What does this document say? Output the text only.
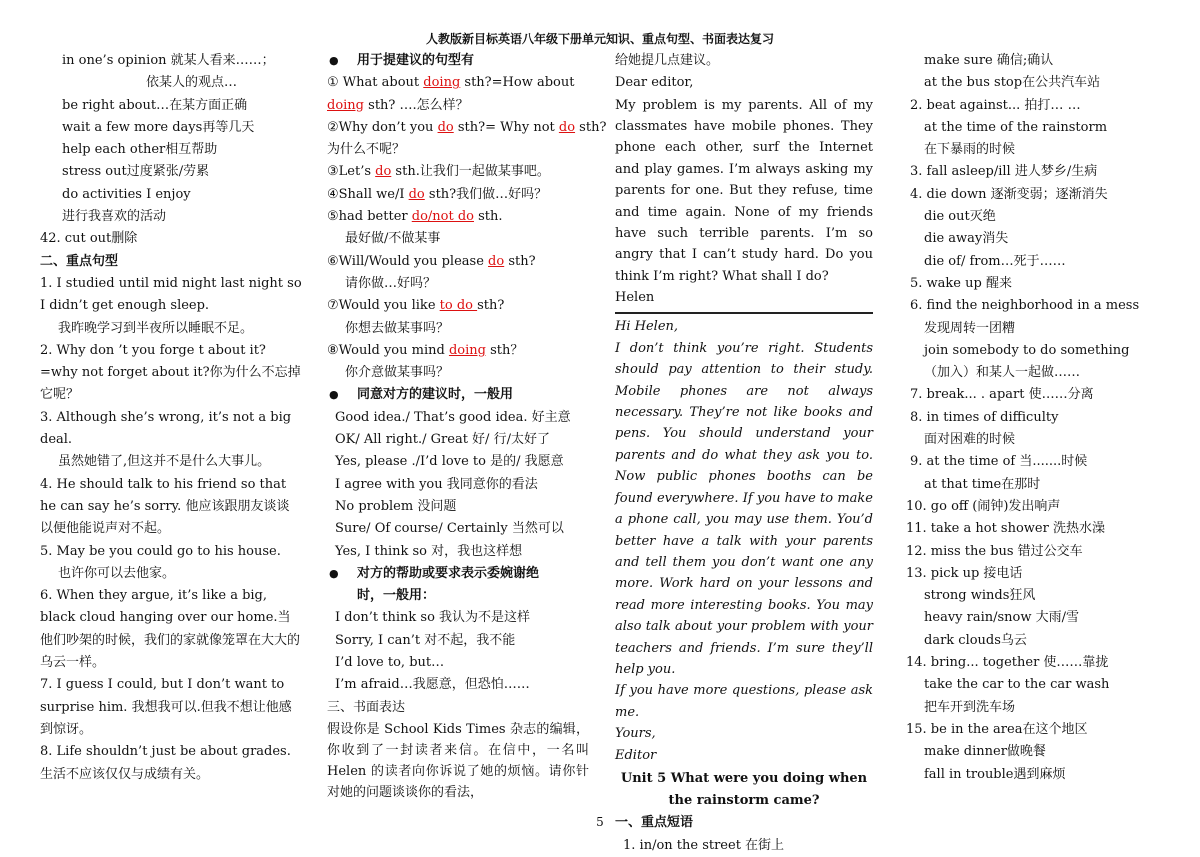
人教版新目标英语八年级下册单元知识、重点句型、书面表达复习
in one’s opinion 就某人看来……；
依某人的观点…
be right about…在某方面正确
wait a few more days再等几天
help each other相互帮助
stress out过度紧张/劳累
do activities I enjoy
进行我喜欢的活动
42. cut out删除
二、重点句型
1. I studied until mid night last night so I didn’t get enough sleep.
我昨晚学习到半夜所以睡眠不足。
2. Why don ’t you forge t about it?=why not forget about it?你为什么不忘掉它呢？
3. Although she’s wrong, it’s not a big deal.
虽然她错了,但这并不是什么大事儿。
4. He should talk to his friend so that he can say he’s sorry. 他应该跟朋友谈谈以便他能说声对不起。
5. May be you could go to his house.
也许你可以去他家。
6. When they argue, it’s like a big, black cloud hanging over our home.当他们吵架的时候，我们的家就像笼罩在大大的乌云一样。
7. I guess I could, but I don’t want to surprise him. 我想我可以.但我不想让他感到惊讶。
8. Life shouldn’t just be about grades.生活不应该仅仅与成绩有关。
● 用于提建议的句型有
① What about doing sth?=How about
doing sth? ….怎么样？
②Why don’t you do sth?= Why not do sth?
为什么不呢？
③Let’s do sth.让我们一起做某事吧。
④Shall we/I do sth?我们做…好吗？
⑤had better do/not do sth.
最好做/不做某事
⑥Will/Would you please do sth?
请你做…好吗？
⑦Would you like to do sth?
你想去做某事吗？
⑧Would you mind doing sth？
你介意做某事吗？
● 同意对方的建议时，一般用
Good idea./ That’s good idea. 好主意
OK/ All right./ Great 好/ 行/太好了
Yes, please ./I’d love to 是的/ 我愿意
I agree with you 我同意你的看法
No problem 没问题
Sure/ Of course/ Certainly 当然可以
Yes, I think so 对，我也这样想
● 对方的帮助或要求表示委婉谢绝
时，一般用：
I don’t think so 我认为不是这样
Sorry, I can’t 对不起，我不能
I’d love to, but…
I’m afraid…我愿意，但恐怕……
三、书面表达
假设你是 School Kids Times 杂志的编辑，你收到了一封读者来信。在信中，一名叫 Helen 的读者向你诉说了她的烦恼。请你针对她的问题谈谈你的看法，
给她提几点建议。
Dear editor,
My problem is my parents. All of my classmates have mobile phones. They phone each other, surf the Internet and play games. I’m always asking my parents for one. But they refuse, time and time again. None of my friends have such terrible parents. I’m so angry that I can’t study hard. Do you think I’m right? What shall I do?
Helen
Hi Helen,
I don’t think you’re right. Students should pay attention to their study. Mobile phones are not always necessary. They’re not like books and pens. You should understand your parents and do what they ask you to. Now public phones booths can be found everywhere. If you have to make a phone call, you may use them. You’d better have a talk with your parents and tell them you don’t want one any more. Work hard on your lessons and read more interesting books. You may also talk about your problem with your teachers and friends. I’m sure they’ll help you.
If you have more questions, please ask me.
Yours,
Editor
Unit 5 What were you doing when the rainstorm came?
一、重点短语
1. in/on the street 在街上
make sure 确信;确认
at the bus stop在公共汽车站
2. beat against... 拍打… …
at the time of the rainstorm
在下暴雨的时候
3. fall asleep/ill 进人梦乡/生病
4. die down 逐渐变弱；逐渐消失
die out灭绝
die away消失
die of/ from…死于……
5. wake up 醒来
6. find the neighborhood in a mess
发现周转一团糟
join somebody to do something
（加入）和某人一起做……
7. break... . apart 使……分离
8. in times of difficulty
面对困难的时候
9. at the time of 当.......时候
at that time在那时
10. go off (闹钟)发出响声
11. take a hot shower 洗热水澡
12. miss the bus 错过公交车
13. pick up 接电话
strong winds狂风
heavy rain/snow 大雨/雪
dark clouds乌云
14. bring... together 使……靠拢
take the car to the car wash
把车开到洗车场
15. be in the area在这个地区
make dinner做晚餐
fall in trouble遇到麻烦
5
